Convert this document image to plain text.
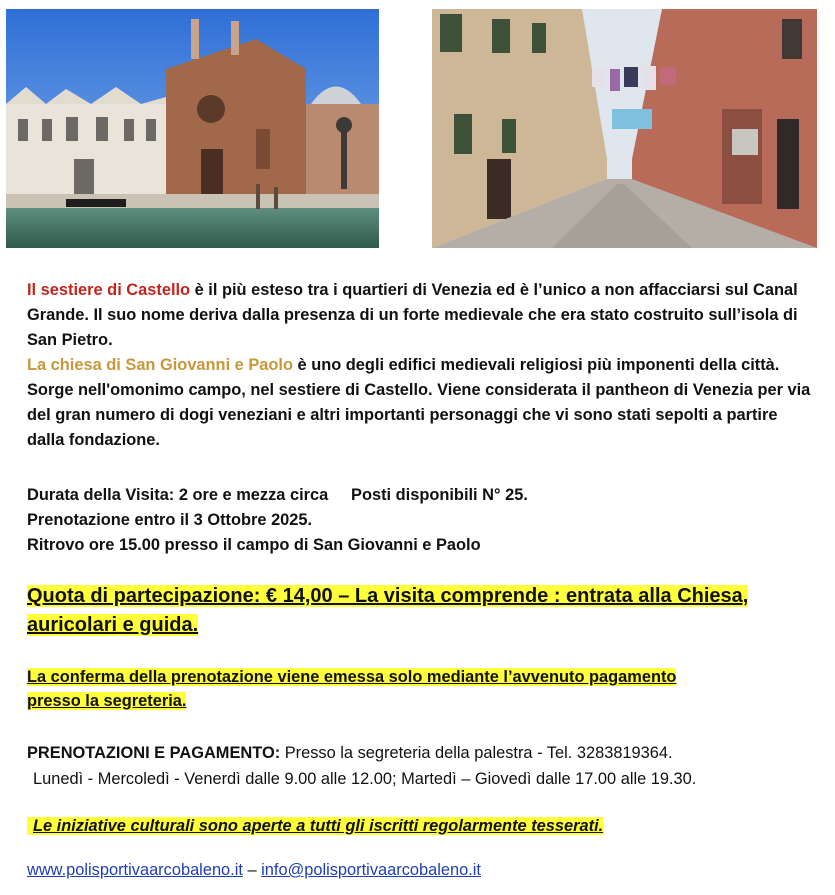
Il sestiere di Castello è il più esteso tra i quartieri di Venezia ed è l’unico a non affacciarsi sul Canal Grande. Il suo nome deriva dalla presenza di un forte medievale che era stato costruito sull’isola di San Pietro.
La chiesa di San Giovanni e Paolo è uno degli edifici medievali religiosi più imponenti della città. Sorge nell'omonimo campo, nel sestiere di Castello. Viene considerata il pantheon di Venezia per via del gran numero di dogi veneziani e altri importanti personaggi che vi sono stati sepolti a partire dalla fondazione.
Durata della Visita: 2 ore e mezza circa Posti disponibili N° 25.
Prenotazione entro il 3 Ottobre 2025.
Ritrovo ore 15.00 presso il campo di San Giovanni e Paolo
Quota di partecipazione: € 14,00 – La visita comprende : entrata alla Chiesa,
auricolari e guida.
La conferma della prenotazione viene emessa solo mediante l’avvenuto pagamento
presso la segreteria.
PRENOTAZIONI E PAGAMENTO: Presso la segreteria della palestra - Tel. 3283819364.
Lunedì - Mercoledì - Venerdì dalle 9.00 alle 12.00; Martedì – Giovedì dalle 17.00 alle 19.30.
Le iniziative culturali sono aperte a tutti gli iscritti regolarmente tesserati.
www.polisportivaarcobaleno.it – info@polisportivaarcobaleno.it
